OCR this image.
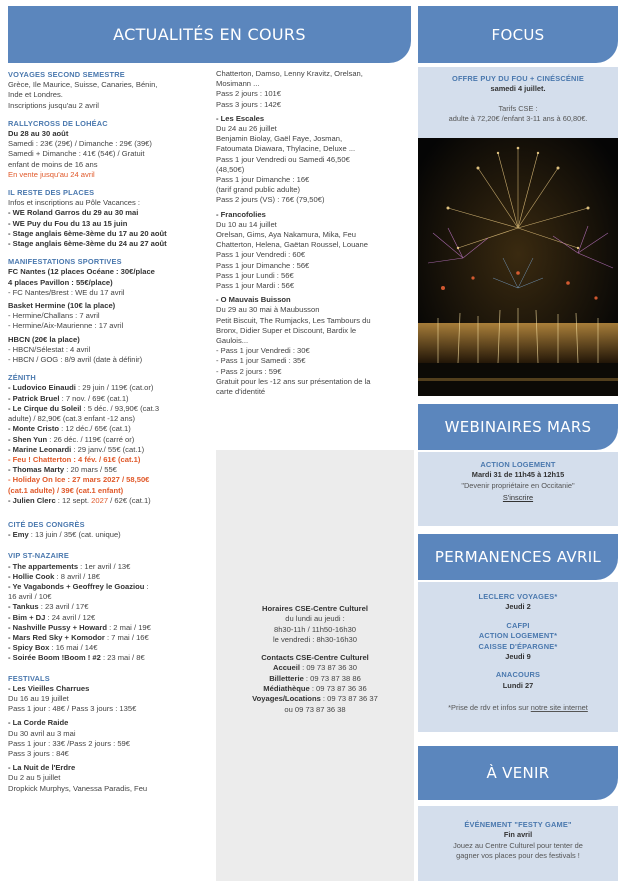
ACTUALITÉS EN COURS
VOYAGES SECOND SEMESTRE
Grèce, Ile Maurice, Suisse, Canaries, Bénin,
Inde et Londres.
Inscriptions jusqu'au 2 avril
RALLYCROSS DE LOHÉAC
Du 28 au 30 août
Samedi : 23€ (29€) / Dimanche : 29€ (39€)
Samedi + Dimanche : 41€ (54€) / Gratuit
enfant de moins de 16 ans
En vente jusqu'au 24 avril
IL RESTE DES PLACES
Infos et inscriptions au Pôle Vacances :
- WE Roland Garros du 29 au 30 mai
- WE Puy du Fou du 13 au 15 juin
- Stage anglais 6ème-3ème du 17 au 20 août
- Stage anglais 6ème-3ème du 24 au 27 août
MANIFESTATIONS SPORTIVES
FC Nantes (12 places Océane : 30€/place
4 places Pavillon : 55€/place)
- FC Nantes/Brest : WE du 17 avril
Basket Hermine (10€ la place)
- Hermine/Challans : 7 avril
- Hermine/Aix-Maurienne : 17 avril
HBCN (20€ la place)
- HBCN/Sélestat : 4 avril
- HBCN / GOG : 8/9 avril (date à définir)
ZÉNITH
- Ludovico Einaudi : 29 juin / 119€ (cat.or)
- Patrick Bruel : 7 nov. / 69€ (cat.1)
- Le Cirque du Soleil : 5 déc. / 93,90€ (cat.3
adulte) / 82,90€ (cat.3 enfant -12 ans)
- Monte Cristo : 12 déc./ 65€ (cat.1)
- Shen Yun : 26 déc. / 119€ (carré or)
- Marine Leonardi : 29 janv./ 55€ (cat.1)
- Feu ! Chatterton : 4 fév. / 61€ (cat.1)
- Thomas Marty : 20 mars / 55€
- Holiday On Ice : 27 mars 2027 / 58,50€
(cat.1 adulte) / 39€ (cat.1 enfant)
- Julien Clerc : 12 sept. 2027 / 62€ (cat.1)
CITÉ DES CONGRÈS
- Emy : 13 juin / 35€ (cat. unique)
VIP ST-NAZAIRE
- The appartements : 1er avril / 13€
- Hollie Cook : 8 avril / 18€
- Ye Vagabonds + Geoffrey le Goaziou :
16 avril / 10€
- Tankus : 23 avril / 17€
- Bim + DJ : 24 avril / 12€
- Nashville Pussy + Howard : 2 mai / 19€
- Mars Red Sky + Komodor : 7 mai / 16€
- Spicy Box : 16 mai / 14€
- Soirée Boom !Boom ! #2 : 23 mai / 8€
FESTIVALS
- Les Vieilles Charrues
Du 16 au 19 juillet
Pass 1 jour : 48€ / Pass 3 jours : 135€
- La Corde Raide
Du 30 avril au 3 mai
Pass 1 jour : 33€ /Pass 2 jours : 59€
Pass 3 jours : 84€
- La Nuit de l'Erdre
Du 2 au 5 juillet
Dropkick Murphys, Vanessa Paradis, Feu
Chatterton, Damso, Lenny Kravitz, Orelsan,
Mosimann ...
Pass 2 jours : 101€
Pass 3 jours : 142€
- Les Escales
Du 24 au 26 juillet
Benjamin Biolay, Gaël Faye, Josman,
Fatoumata Diawara, Thylacine, Deluxe ...
Pass 1 jour Vendredi ou Samedi 46,50€
(48,50€)
Pass 1 jour Dimanche : 16€
(tarif grand public adulte)
Pass 2 jours (VS) : 76€ (79,50€)
- Francofolies
Du 10 au 14 juillet
Orelsan, Gims, Aya Nakamura, Mika, Feu
Chatterton, Helena, Gaëtan Roussel, Louane
Pass 1 jour Vendredi : 60€
Pass 1 jour Dimanche : 56€
Pass 1 jour Lundi : 56€
Pass 1 jour Mardi : 56€
- O Mauvais Buisson
Du 29 au 30 mai à Maubusson
Petit Biscuit, The Rumjacks, Les Tambours du
Bronx, Didier Super et Discount, Bardix le
Gaulois...
- Pass 1 jour Vendredi : 30€
- Pass 1 jour Samedi : 35€
- Pass 2 jours : 59€
Gratuit pour les -12 ans sur présentation de la
carte d'identité
Horaires CSE-Centre Culturel
du lundi au jeudi :
8h30-11h / 11h50-16h30
le vendredi : 8h30-16h30
Contacts CSE-Centre Culturel
Accueil : 09 73 87 36 30
Billetterie : 09 73 87 38 86
Médiathèque : 09 73 87 36 36
Voyages/Locations : 09 73 87 36 37
ou 09 73 87 36 38
FOCUS
OFFRE PUY DU FOU + CINÉSCÉNIE
samedi 4 juillet.
Tarifs CSE :
adulte à 72,20€ /enfant 3-11 ans à 60,80€.
WEBINAIRES MARS
ACTION LOGEMENT
Mardi 31 de 11h45 à 12h15
"Devenir propriétaire en Occitanie"
S'inscrire
PERMANENCES AVRIL
LECLERC VOYAGES*
Jeudi 2
CAFPI
ACTION LOGEMENT*
CAISSE D'ÉPARGNE*
Jeudi 9
ANACOURS
Lundi 27
*Prise de rdv et infos sur notre site internet
À VENIR
ÉVÉNEMENT "FESTY GAME"
Fin avril
Jouez au Centre Culturel pour tenter de
gagner vos places pour des festivals !
